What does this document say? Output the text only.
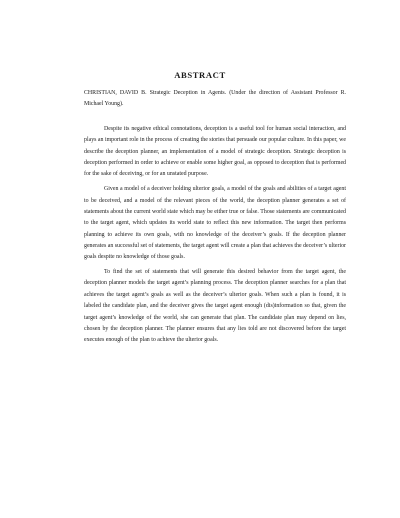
ABSTRACT
CHRISTIAN, DAVID B. Strategic Deception in Agents. (Under the direction of Assistant Professor R. Michael Young).

Despite its negative ethical connotations, deception is a useful tool for human social interaction, and plays an important role in the process of creating the stories that persuade our popular culture. In this paper, we describe the deception planner, an implementation of a model of strategic deception. Strategic deception is deception performed in order to achieve or enable some higher goal, as opposed to deception that is performed for the sake of deceiving, or for an unstated purpose.

Given a model of a deceiver holding ulterior goals, a model of the goals and abilities of a target agent to be deceived, and a model of the relevant pieces of the world, the deception planner generates a set of statements about the current world state which may be either true or false. Those statements are communicated to the target agent, which updates its world state to reflect this new information. The target then performs planning to achieve its own goals, with no knowledge of the deceiver’s goals. If the deception planner generates an successful set of statements, the target agent will create a plan that achieves the deceiver’s ulterior goals despite no knowledge of those goals.

To find the set of statements that will generate this desired behavior from the target agent, the deception planner models the target agent’s planning process. The deception planner searches for a plan that achieves the target agent’s goals as well as the deceiver’s ulterior goals. When such a plan is found, it is labeled the candidate plan, and the deceiver gives the target agent enough (dis)information so that, given the target agent’s knowledge of the world, she can generate that plan. The candidate plan may depend on lies, chosen by the deception planner. The planner ensures that any lies told are not discovered before the target executes enough of the plan to achieve the ulterior goals.
